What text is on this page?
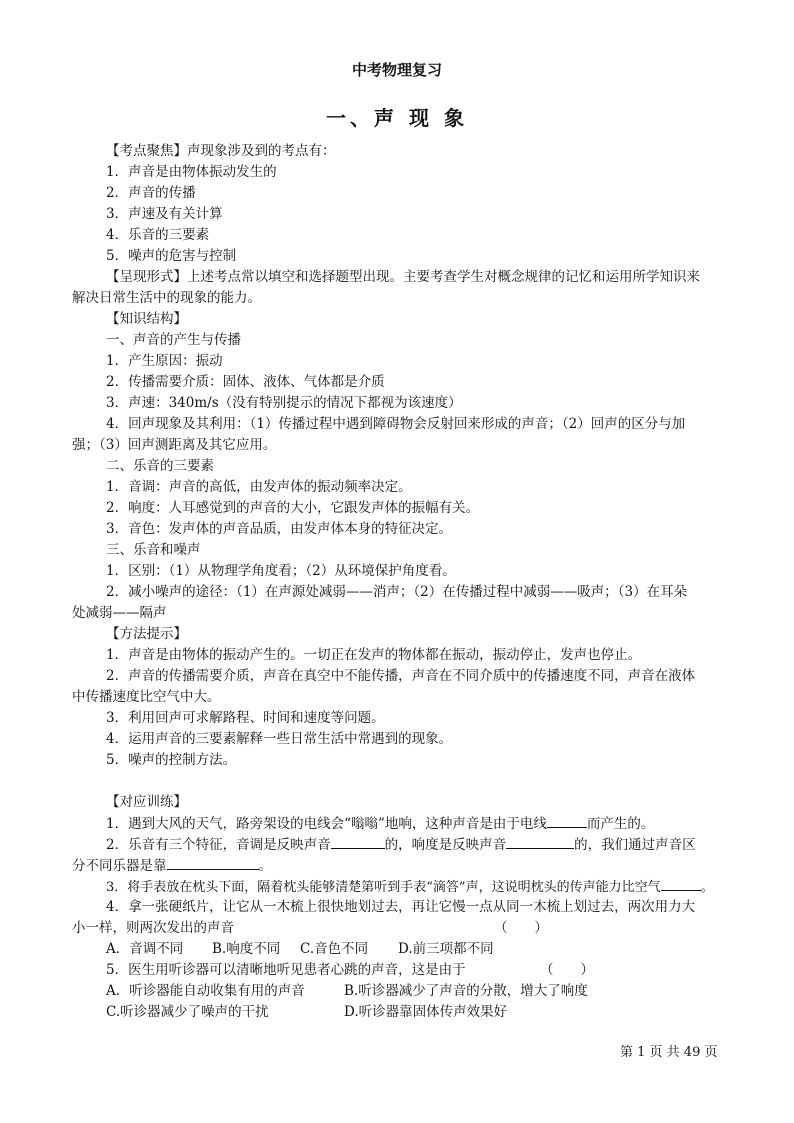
中考物理复习
一、声 现 象
【考点聚焦】声现象涉及到的考点有：
1．声音是由物体振动发生的
2．声音的传播
3．声速及有关计算
4．乐音的三要素
5．噪声的危害与控制
【呈现形式】上述考点常以填空和选择题型出现。主要考查学生对概念规律的记忆和运用所学知识来
解决日常生活中的现象的能力。
【知识结构】
一、声音的产生与传播
1．产生原因：振动
2．传播需要介质：固体、液体、气体都是介质
3．声速：340m/s（没有特别提示的情况下都视为该速度）
4．回声现象及其利用：（1）传播过程中遇到障碍物会反射回来形成的声音；（2）回声的区分与加
强；（3）回声测距离及其它应用。
二、乐音的三要素
1．音调：声音的高低，由发声体的振动频率决定。
2．响度：人耳感觉到的声音的大小，它跟发声体的振幅有关。
3．音色：发声体的声音品质，由发声体本身的特征决定。
三、乐音和噪声
1．区别：（1）从物理学角度看；（2）从环境保护角度看。
2．减小噪声的途径：（1）在声源处减弱——消声；（2）在传播过程中减弱——吸声；（3）在耳朵
处减弱——隔声
【方法提示】
1．声音是由物体的振动产生的。一切正在发声的物体都在振动，振动停止，发声也停止。
2．声音的传播需要介质，声音在真空中不能传播，声音在不同介质中的传播速度不同，声音在液体
中传播速度比空气中大。
3．利用回声可求解路程、时间和速度等问题。
4．运用声音的三要素解释一些日常生活中常遇到的现象。
5．噪声的控制方法。
【对应训练】
1．遇到大风的天气，路旁架设的电线会“嗡嗡”地响，这种声音是由于电线	而产生的。
2．乐音有三个特征，音调是反映声音	的，响度是反映声音	的，我们通过声音区
分不同乐器是靠	。
3．将手表放在枕头下面，隔着枕头能够清楚第听到手表“滴答”声，这说明枕头的传声能力比空气	。
4．拿一张硬纸片，让它从一木梳上很快地划过去，再让它慢一点从同一木梳上划过去，两次用力大
小一样，则两次发出的声音	（　　）
A．音调不同 B.响度不同 C.音色不同 D.前三项都不同
5．医生用听诊器可以清晰地听见患者心跳的声音，这是由于	（　　）
A．听诊器能自动收集有用的声音	B.听诊器减少了声音的分散，增大了响度
C.听诊器减少了噪声的干扰	D.听诊器靠固体传声效果好
第 1 页 共 49 页
